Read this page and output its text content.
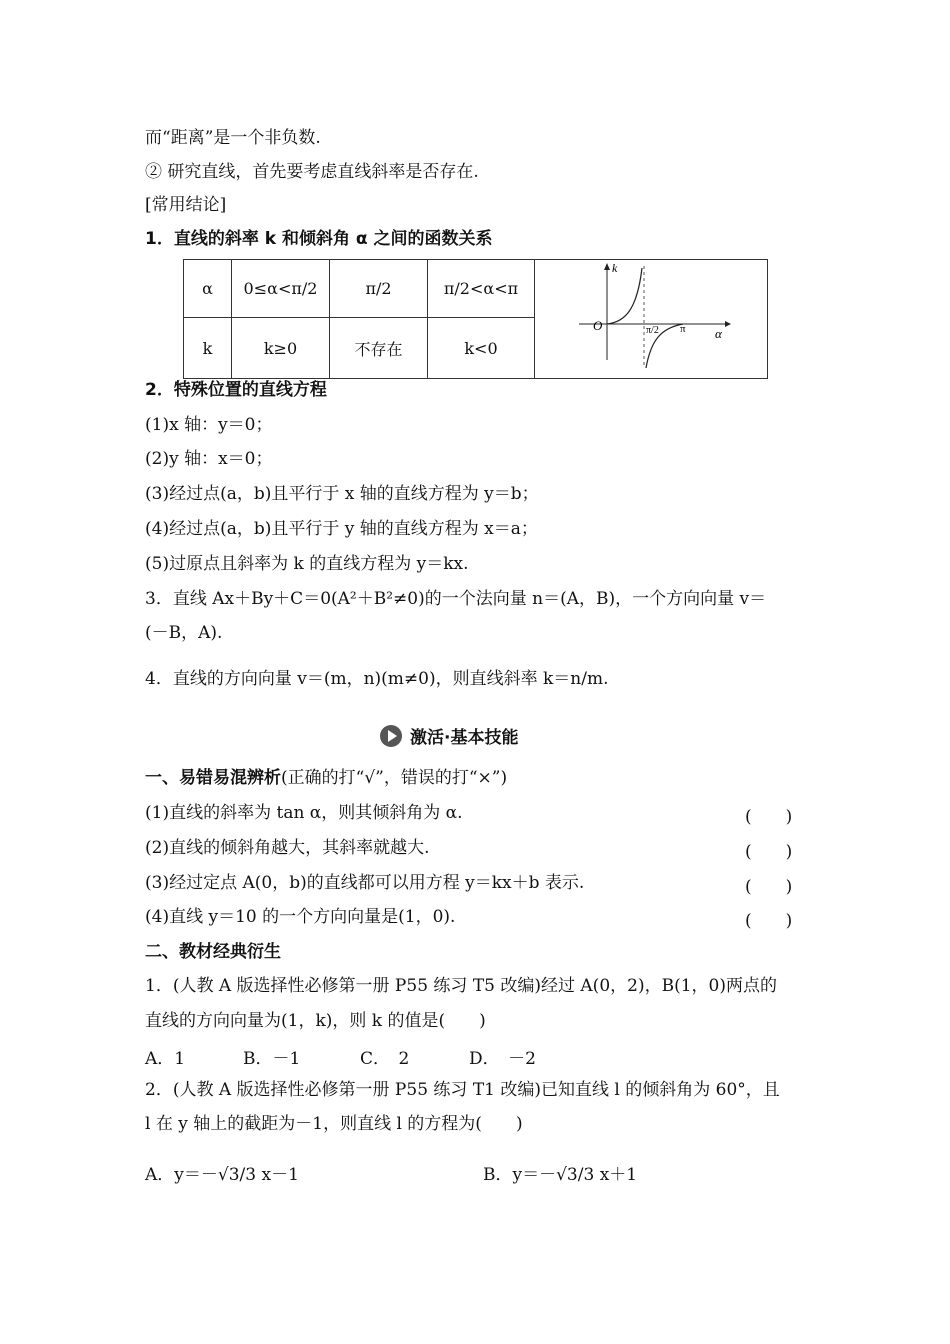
而“距离”是一个非负数.
② 研究直线，首先要考虑直线斜率是否存在.
[常用结论]
1．直线的斜率 k 和倾斜角 α 之间的函数关系
α	0≤α<π/2	π/2	π/2<α<π	k
α
O π/2 π

k	k≥0	不存在	k<0	
2．特殊位置的直线方程
(1)x 轴：y＝0；
(2)y 轴：x＝0；
(3)经过点(a，b)且平行于 x 轴的直线方程为 y＝b；
(4)经过点(a，b)且平行于 y 轴的直线方程为 x＝a；
(5)过原点且斜率为 k 的直线方程为 y＝kx.
3．直线 Ax＋By＋C＝0(A²＋B²≠0)的一个法向量 n＝(A，B)，一个方向向量 v＝
(－B，A).
4．直线的方向向量 v＝(m，n)(m≠0)，则直线斜率 k＝n/m.
激活·基本技能
一、易错易混辨析(正确的打“√”，错误的打“×”)
(1)直线的斜率为 tan α，则其倾斜角为 α.	(　　)
(2)直线的倾斜角越大，其斜率就越大.	(　　)
(3)经过定点 A(0，b)的直线都可以用方程 y＝kx＋b 表示.	(　　)
(4)直线 y＝10 的一个方向向量是(1，0).	(　　)
二、教材经典衍生
1．(人教 A 版选择性必修第一册 P55 练习 T5 改编)经过 A(0，2)，B(1，0)两点的
直线的方向向量为(1，k)，则 k 的值是(　　)
A．1	B．－1	C．　2	D．　－2
2．(人教 A 版选择性必修第一册 P55 练习 T1 改编)已知直线 l 的倾斜角为 60°，且
l 在 y 轴上的截距为－1，则直线 l 的方程为(　　)
A．y＝－√3/3 x－1	B．y＝－√3/3 x＋1
